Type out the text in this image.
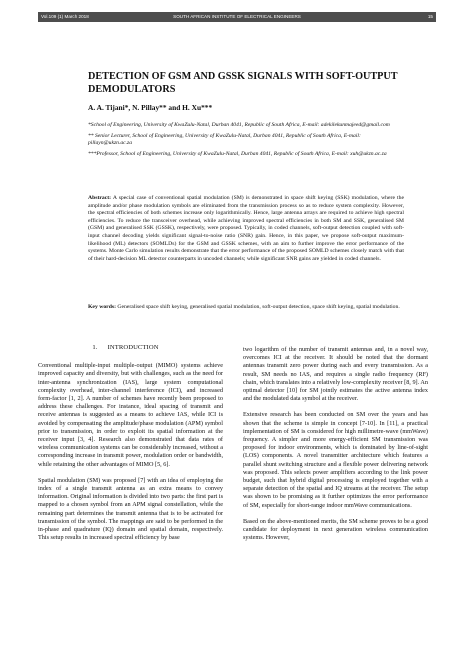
Vol.109 (1) March 2018	SOUTH AFRICAN INSTITUTE OF ELECTRICAL ENGINEERS	15
DETECTION OF GSM AND GSSK SIGNALS WITH SOFT-OUTPUT DEMODULATORS
A. A. Tijani*, N. Pillay** and H. Xu***

*School of Engineering, University of KwaZulu-Natal, Durban 4041, Republic of South Africa, E-mail: adekilekunmajeed@gmail.com

** Senior Lecturer, School of Engineering, University of KwaZulu-Natal, Durban 4041, Republic of South Africa, E-mail: pillayn@ukzn.ac.za

***Professor, School of Engineering, University of KwaZulu-Natal, Durban 4041, Republic of South Africa, E-mail: xuh@ukzn.ac.za

Abstract: A special case of conventional spatial modulation (SM) is demonstrated in space shift keying (SSK) modulation, where the amplitude and/or phase modulation symbols are eliminated from the transmission process so as to reduce system complexity. However, the spectral efficiencies of both schemes increase only logarithmically. Hence, large antenna arrays are required to achieve high spectral efficiencies. To reduce the transceiver overhead, while achieving improved spectral efficiencies in both SM and SSK, generalised SM (GSM) and generalised SSK (GSSK), respectively, were proposed. Typically, in coded channels, soft-output detection coupled with soft-input channel decoding yields significant signal-to-noise ratio (SNR) gain. Hence, in this paper, we propose soft-output maximum-likelihood (ML) detectors (SOMLDs) for the GSM and GSSK schemes, with an aim to further improve the error performance of the systems. Monte Carlo simulation results demonstrate that the error performance of the proposed SOMLD schemes closely match with that of their hard-decision ML detector counterparts in uncoded channels; while significant SNR gains are yielded in coded channels.

Key words: Generalised space shift keying, generalised spatial modulation, soft-output detection, space shift keying, spatial modulation.

1. INTRODUCTION

Conventional multiple-input multiple-output (MIMO) systems achieve improved capacity and diversity, but with challenges, such as the need for inter-antenna synchronization (IAS), large system computational complexity overhead, inter-channel interference (ICI), and increased form-factor [1, 2]. A number of schemes have recently been proposed to address these challenges. For instance, ideal spacing of transmit and receive antennas is suggested as a means to achieve IAS, while ICI is avoided by compensating the amplitude/phase modulation (APM) symbol prior to transmission, in order to exploit its spatial information at the receiver input [3, 4]. Research also demonstrated that data rates of wireless communication systems can be considerably increased, without a corresponding increase in transmit power, modulation order or bandwidth, while retaining the other advantages of MIMO [5, 6].

Spatial modulation (SM) was proposed [7] with an idea of employing the index of a single transmit antenna as an extra means to convey information. Original information is divided into two parts: the first part is mapped to a chosen symbol from an APM signal constellation, while the remaining part determines the transmit antenna that is to be activated for transmission of the symbol. The mappings are said to be performed in the in-phase and quadrature (IQ) domain and spatial domain, respectively. This setup results in increased spectral efficiency by base

two logarithm of the number of transmit antennas and, in a novel way, overcomes ICI at the receiver. It should be noted that the dormant antennas transmit zero power during each and every transmission. As a result, SM needs no IAS, and requires a single radio frequency (RF) chain, which translates into a relatively low-complexity receiver [8, 9]. An optimal detector [10] for SM jointly estimates the active antenna index and the modulated data symbol at the receiver.

Extensive research has been conducted on SM over the years and has shown that the scheme is simple in concept [7-10]. In [11], a practical implementation of SM is considered for high millimetre-wave (mmWave) frequency. A simpler and more energy-efficient SM transmission was proposed for indoor environments, which is dominated by line-of-sight (LOS) components. A novel transmitter architecture which features a parallel shunt switching structure and a flexible power delivering network was proposed. This selects power amplifiers according to the link power budget, such that hybrid digital processing is employed together with a separate detection of the spatial and IQ streams at the receiver. The setup was shown to be promising as it further optimizes the error performance of SM, especially for short-range indoor mmWave communications.

Based on the above-mentioned merits, the SM scheme proves to be a good candidate for deployment in next generation wireless communication systems. However,
